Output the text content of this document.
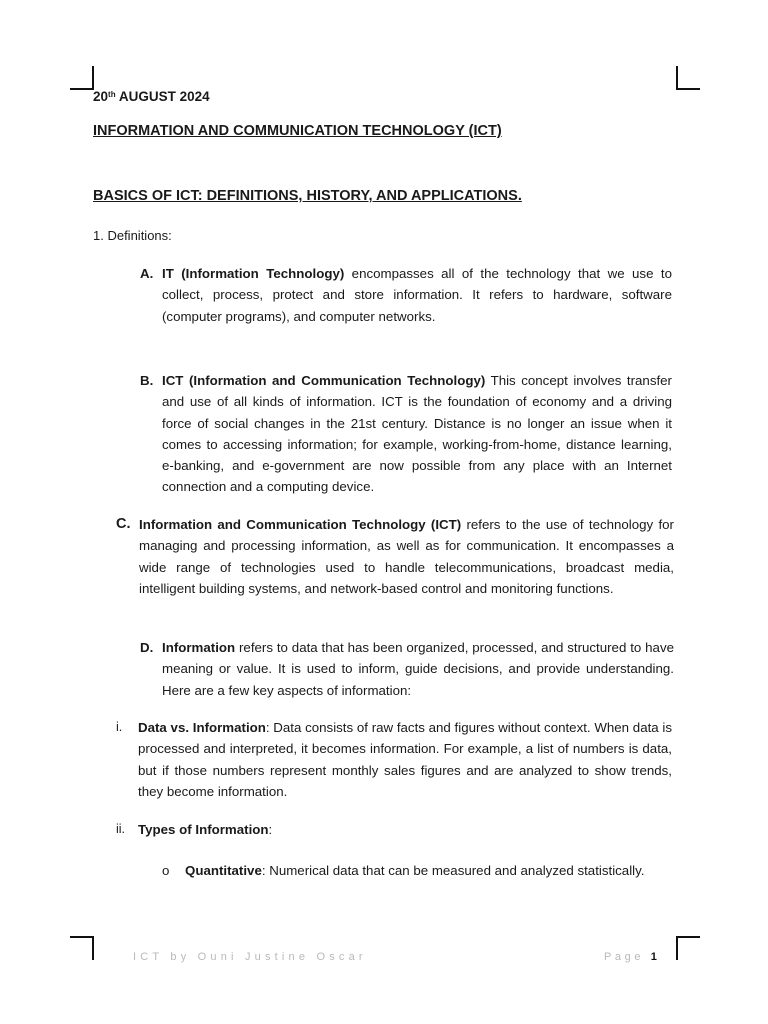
20th AUGUST 2024
INFORMATION AND COMMUNICATION TECHNOLOGY (ICT)
BASICS OF ICT: DEFINITIONS, HISTORY, AND APPLICATIONS.
1. Definitions:
A. IT (Information Technology) encompasses all of the technology that we use to collect, process, protect and store information. It refers to hardware, software (computer programs), and computer networks.
B. ICT (Information and Communication Technology) This concept involves transfer and use of all kinds of information. ICT is the foundation of economy and a driving force of social changes in the 21st century. Distance is no longer an issue when it comes to accessing information; for example, working-from-home, distance learning, e-banking, and e-government are now possible from any place with an Internet connection and a computing device.
C. Information and Communication Technology (ICT) refers to the use of technology for managing and processing information, as well as for communication. It encompasses a wide range of technologies used to handle telecommunications, broadcast media, intelligent building systems, and network-based control and monitoring functions.
D. Information refers to data that has been organized, processed, and structured to have meaning or value. It is used to inform, guide decisions, and provide understanding. Here are a few key aspects of information:
i. Data vs. Information: Data consists of raw facts and figures without context. When data is processed and interpreted, it becomes information. For example, a list of numbers is data, but if those numbers represent monthly sales figures and are analyzed to show trends, they become information.
ii. Types of Information:
o Quantitative: Numerical data that can be measured and analyzed statistically.
ICT by Ouni Justine Oscar	Page 1
